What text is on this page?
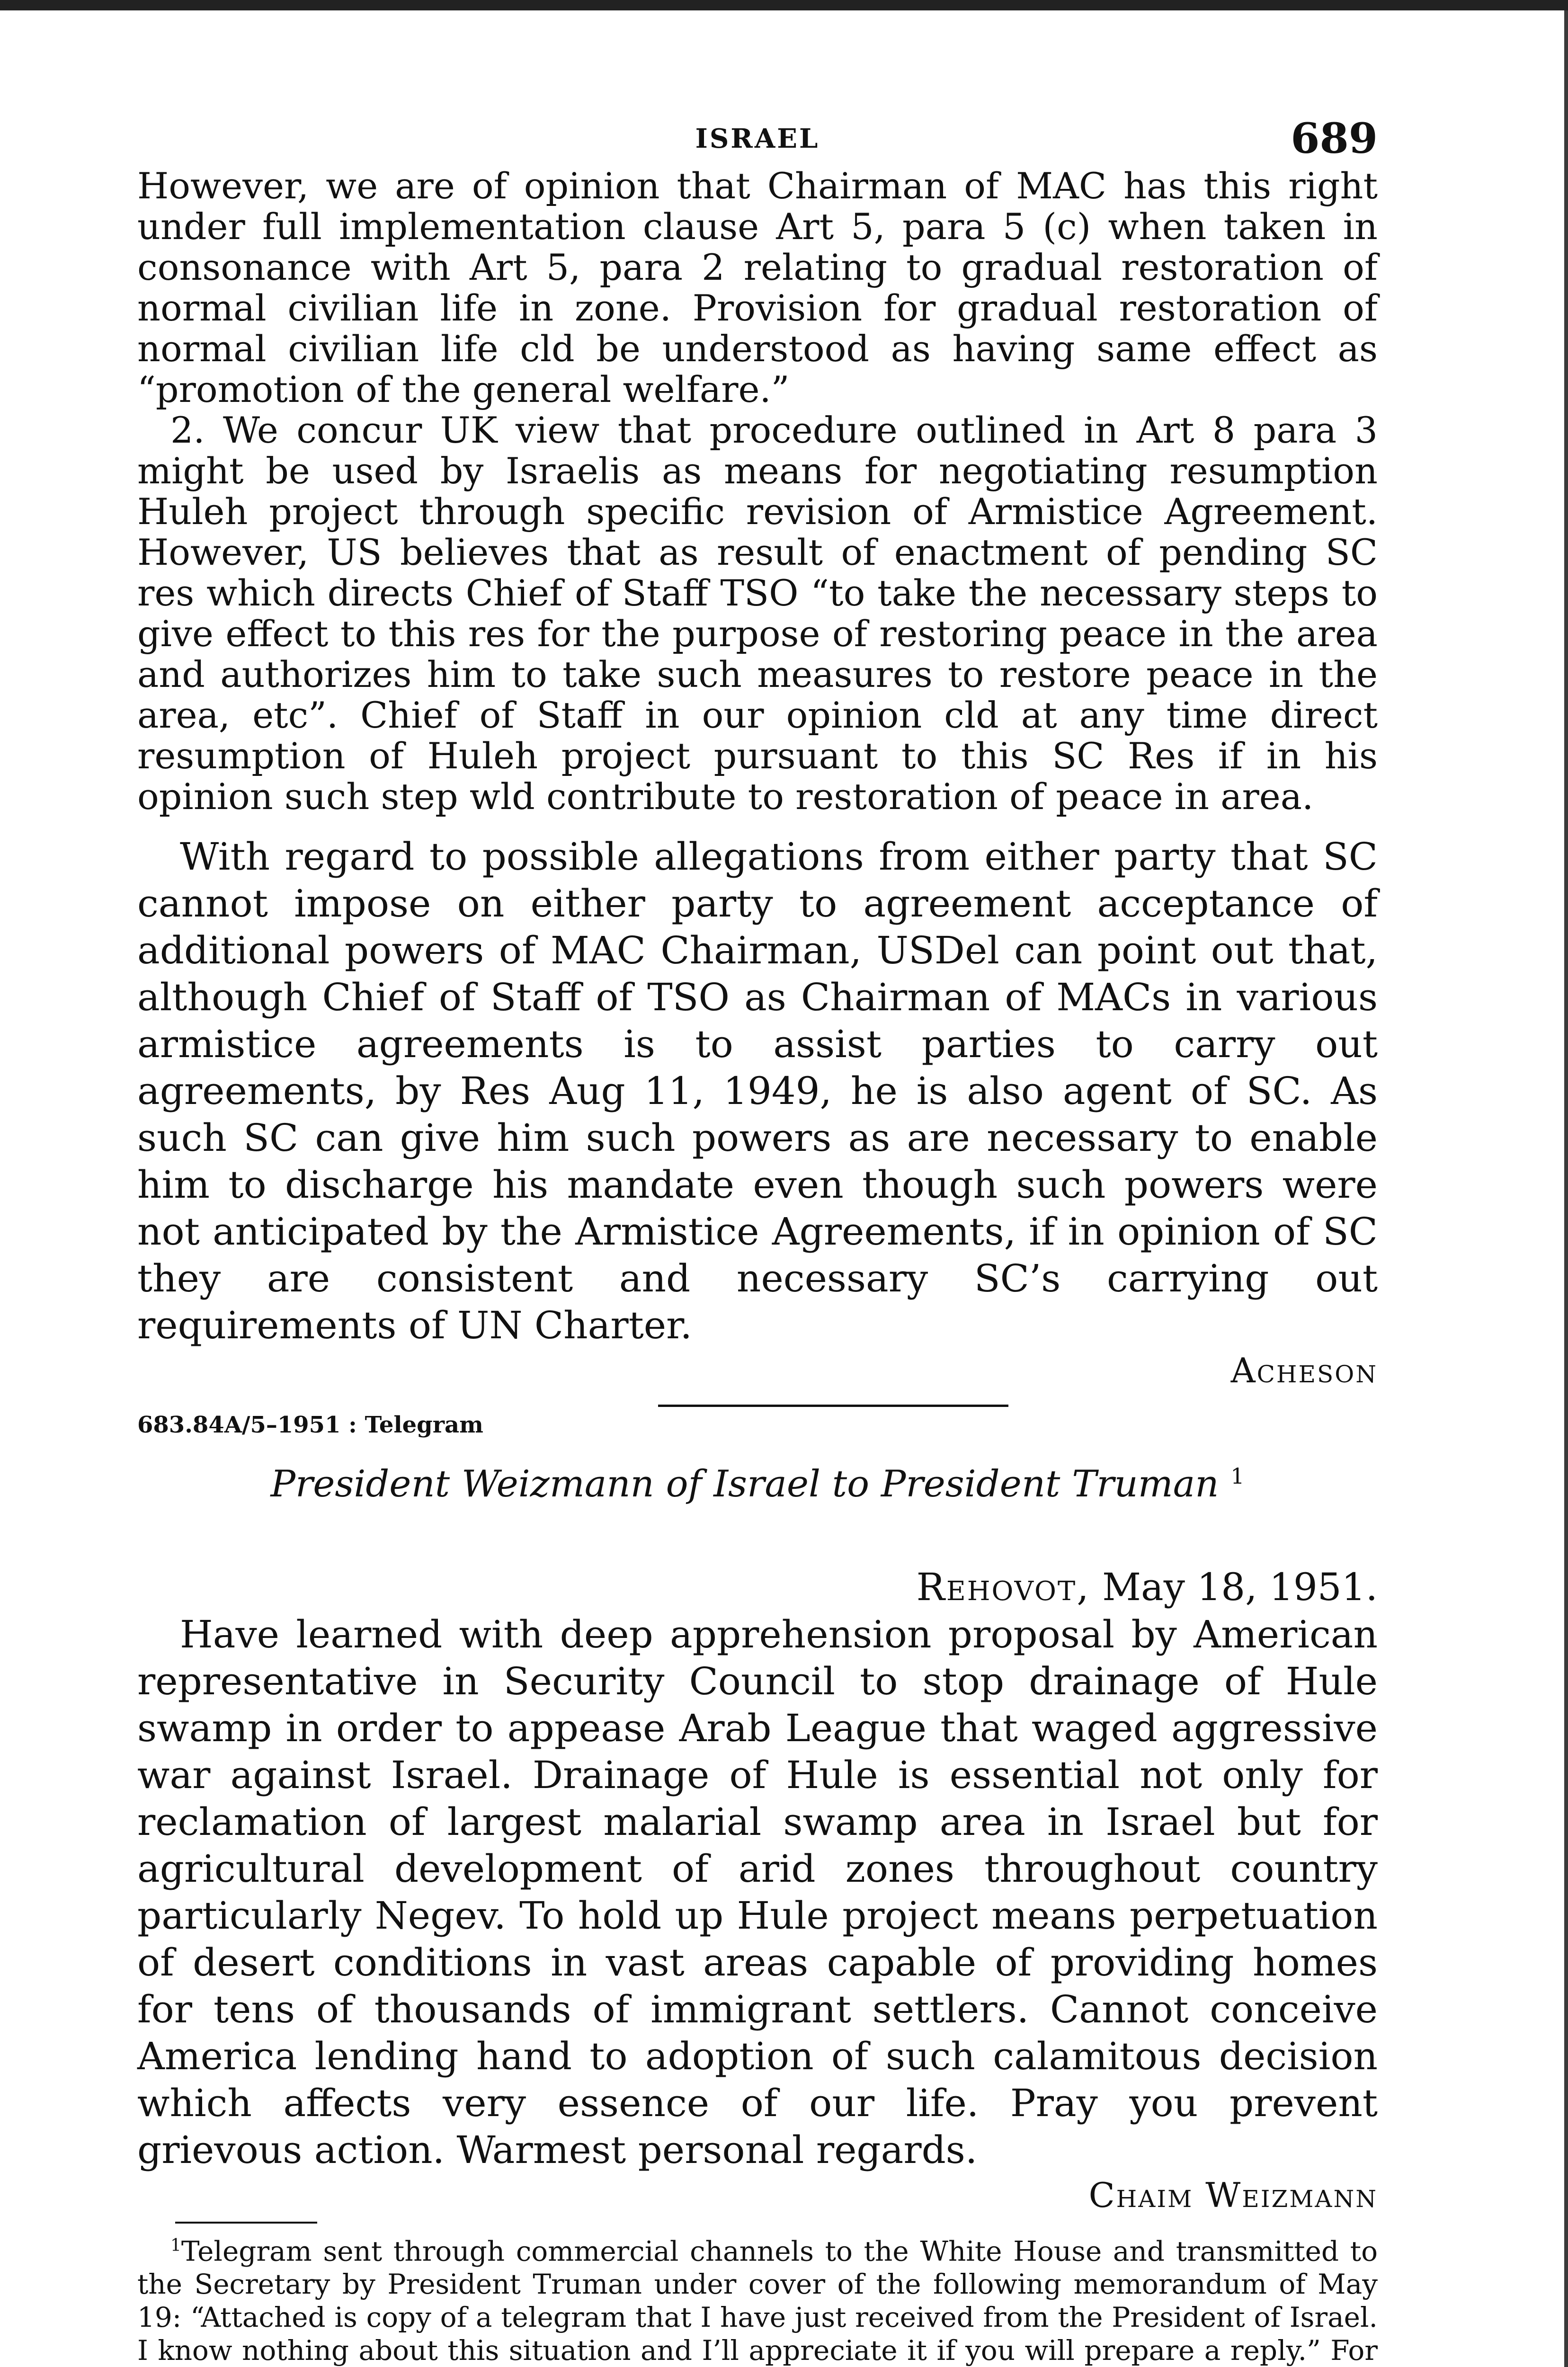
ISRAEL	689

However, we are of opinion that Chairman of MAC has this right under full implementation clause Art 5, para 5 (c) when taken in consonance with Art 5, para 2 relating to gradual restoration of normal civilian life in zone. Provision for gradual restoration of normal civilian life cld be understood as having same effect as “promotion of the general welfare.”

2. We concur UK view that procedure outlined in Art 8 para 3 might be used by Israelis as means for negotiating resumption Huleh project through specific revision of Armistice Agreement. However, US believes that as result of enactment of pending SC res which directs Chief of Staff TSO “to take the necessary steps to give effect to this res for the purpose of restoring peace in the area and authorizes him to take such measures to restore peace in the area, etc”. Chief of Staff in our opinion cld at any time direct resumption of Huleh project pursuant to this SC Res if in his opinion such step wld contribute to restoration of peace in area.

With regard to possible allegations from either party that SC cannot impose on either party to agreement acceptance of additional powers of MAC Chairman, USDel can point out that, although Chief of Staff of TSO as Chairman of MACs in various armistice agreements is to assist parties to carry out agreements, by Res Aug 11, 1949, he is also agent of SC. As such SC can give him such powers as are necessary to enable him to discharge his mandate even though such powers were not anticipated by the Armistice Agreements, if in opinion of SC they are consistent and necessary SC’s carrying out requirements of UN Charter.

Acheson

683.84A/5–1951 : Telegram

President Weizmann of Israel to President Truman $^1$

Rehovot, May 18, 1951.

Have learned with deep apprehension proposal by American representative in Security Council to stop drainage of Hule swamp in order to appease Arab League that waged aggressive war against Israel. Drainage of Hule is essential not only for reclamation of largest malarial swamp area in Israel but for agricultural development of arid zones throughout country particularly Negev. To hold up Hule project means perpetuation of desert conditions in vast areas capable of providing homes for tens of thousands of immigrant settlers. Cannot conceive America lending hand to adoption of such calamitous decision which affects very essence of our life. Pray you prevent grievous action. Warmest personal regards.

Chaim Weizmann

$^1$Telegram sent through commercial channels to the White House and transmitted to the Secretary by President Truman under cover of the following memorandum of May 19: “Attached is copy of a telegram that I have just received from the President of Israel. I know nothing about this situation and I’ll appreciate it if you will prepare a reply.” For
